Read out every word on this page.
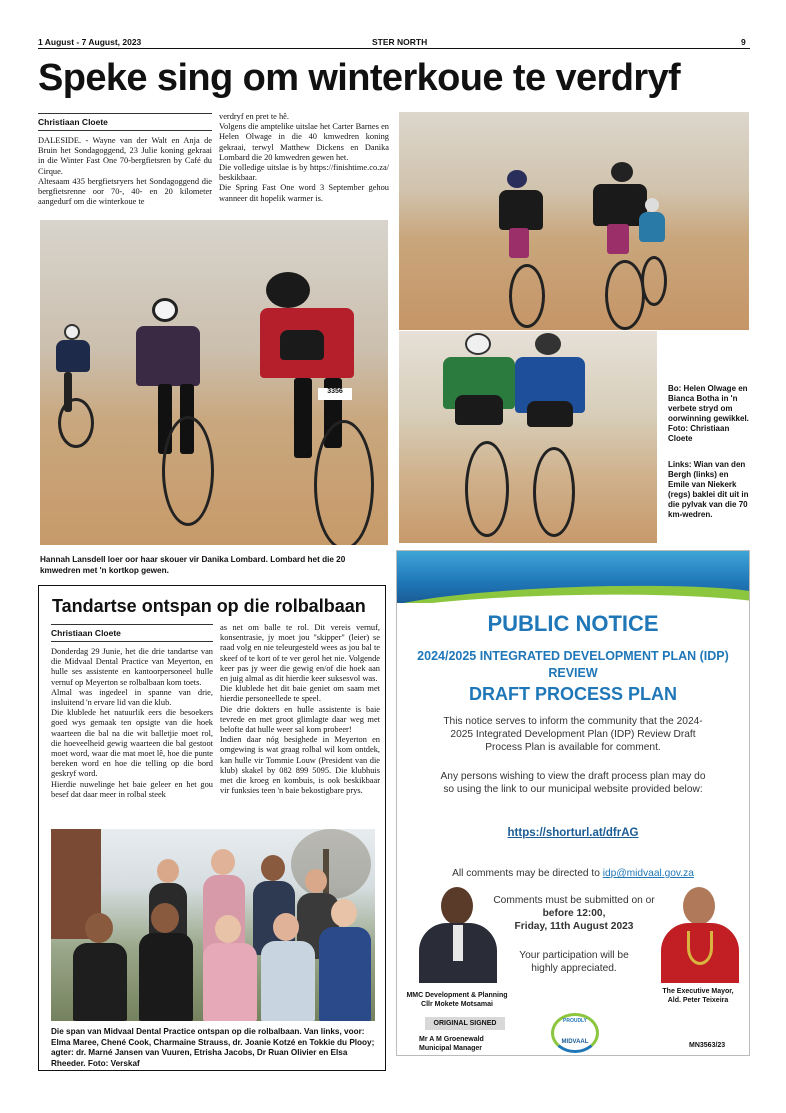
1 August - 7 August, 2023	STER NORTH	9
Speke sing om winterkoue te verdryf
Christiaan Cloete

DALESIDE. - Wayne van der Walt en Anja de Bruin het Sondagoggend, 23 Julie koning gekraai in die Winter Fast One 70-bergfietsren by Café du Cirque.

Altesaam 435 bergfietsryers het Sondagoggend die bergfietsrenne oor 70-, 40- en 20 kilometer aangedurf om die winterkoue te

verdryf en pret te hê.

Volgens die amptelike uitslae het Carter Barnes en Helen Olwage in die 40 kmwedren koning gekraai, terwyl Matthew Dickens en Danika Lombard die 20 kmwedren gewen het.

Die volledige uitslae is by https://finishtime.co.za/ beskikbaar.

Die Spring Fast One word 3 September gehou wanneer dit hopelik warmer is.

3356	Bo: Helen Olwage en Bianca Botha in 'n verbete stryd om oorwinning gewikkel. Foto: Christiaan Cloete
Links: Wian van den Bergh (links) en Emile van Niekerk (regs) baklei dit uit in die pylvak van die 70 km-wedren.
Hannah Lansdell loer oor haar skouer vir Danika Lombard. Lombard het die 20 kmwedren met 'n kortkop gewen.
Tandartse ontspan op die rolbalbaan
Christiaan Cloete

Donderdag 29 Junie, het die drie tandartse van die Midvaal Dental Practice van Meyerton, en hulle ses assistente en kantoorpersoneel hulle vernuf op Meyerton se rolbalbaan kom toets.

Almal was ingedeel in spanne van drie, insluitend 'n ervare lid van die klub.

Die klublede het natuurlik eers die besoekers goed wys gemaak ten opsigte van die hoek waarteen die bal na die wit balletjie moet rol, die hoeveelheid gewig waarteen die bal gestoot moet word, waar die mat moet lê, hoe die punte bereken word en hoe die telling op die bord geskryf word.

Hierdie nuwelinge het baie geleer en het gou besef dat daar meer in rolbal steek

as net om balle te rol. Dit vereis vernuf, konsentrasie, jy moet jou "skipper" (leier) se raad volg en nie teleurgesteld wees as jou bal te skeef of te kort of te ver gerol het nie. Volgende keer pas jy weer die gewig en/of die hoek aan en juig almal as dit hierdie keer suksesvol was.

Die klublede het dit baie geniet om saam met hierdie personeellede te speel.

Die drie dokters en hulle assistente is baie tevrede en met groot glimlagte daar weg met belofte dat hulle weer sal kom probeer!

Indien daar nóg besighede in Meyerton en omgewing is wat graag rolbal wil kom ontdek, kan hulle vir Tommie Louw (President van die klub) skakel by 082 899 5095. Die klubhuis met die kroeg en kombuis, is ook beskikbaar vir funksies teen 'n baie bekostigbare prys.

Die span van Midvaal Dental Practice ontspan op die rolbalbaan. Van links, voor: Elma Maree, Chené Cook, Charmaine Strauss, dr. Joanie Kotzé en Tokkie du Plooy; agter: dr. Marné Jansen van Vuuren, Etrisha Jacobs, Dr Ruan Olivier en Elsa Rheeder. Foto: Verskaf
PUBLIC NOTICE
2024/2025 INTEGRATED DEVELOPMENT PLAN (IDP) REVIEW
DRAFT PROCESS PLAN
This notice serves to inform the community that the 2024-2025 Integrated Development Plan (IDP) Review Draft Process Plan is available for comment.
Any persons wishing to view the draft process plan may do so using the link to our municipal website provided below:
https://shorturl.at/dfrAG
All comments may be directed to idp@midvaal.gov.za
Comments must be submitted on or
before 12:00,
Friday, 11th August 2023
Your participation will be highly appreciated.
MMC Development & Planning
Cllr Mokete Motsamai
The Executive Mayor,
Ald. Peter Teixeira
ORIGINAL SIGNED
Mr A M Groenewald
Municipal Manager
PROUDLY
MIDVAAL	MN3563/23
